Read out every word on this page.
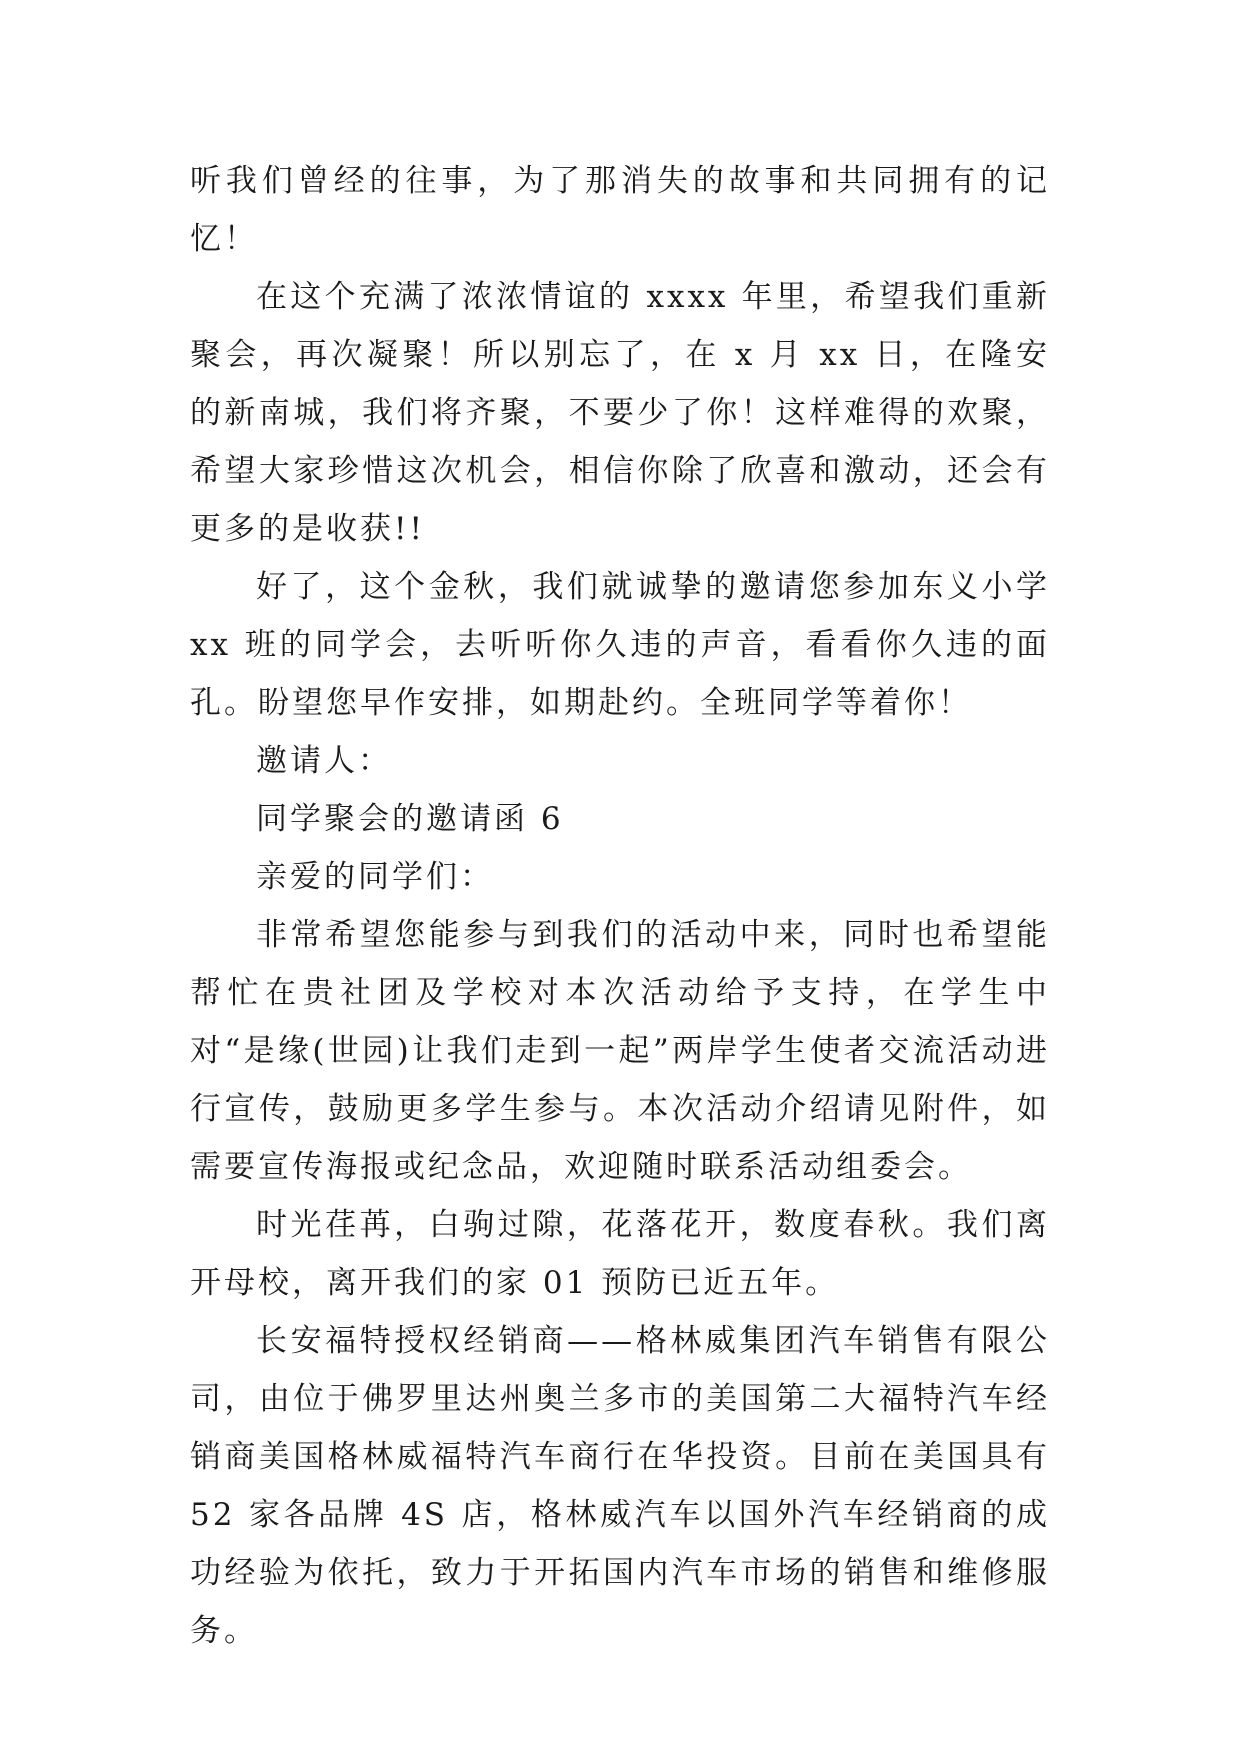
听我们曾经的往事，为了那消失的故事和共同拥有的记忆！

在这个充满了浓浓情谊的 xxxx 年里，希望我们重新聚会，再次凝聚！所以别忘了，在 x 月 xx 日，在隆安的新南城，我们将齐聚，不要少了你！这样难得的欢聚，希望大家珍惜这次机会，相信你除了欣喜和激动，还会有更多的是收获!!

好了，这个金秋，我们就诚挚的邀请您参加东义小学 xx 班的同学会，去听听你久违的声音，看看你久违的面孔。盼望您早作安排，如期赴约。全班同学等着你！

邀请人：

同学聚会的邀请函 6

亲爱的同学们：

非常希望您能参与到我们的活动中来，同时也希望能帮忙在贵社团及学校对本次活动给予支持，在学生中对“是缘(世园)让我们走到一起”两岸学生使者交流活动进行宣传，鼓励更多学生参与。本次活动介绍请见附件，如需要宣传海报或纪念品，欢迎随时联系活动组委会。

时光荏苒，白驹过隙，花落花开，数度春秋。我们离开母校，离开我们的家 01 预防已近五年。

长安福特授权经销商——格林威集团汽车销售有限公司，由位于佛罗里达州奥兰多市的美国第二大福特汽车经销商美国格林威福特汽车商行在华投资。目前在美国具有 52 家各品牌 4S 店，格林威汽车以国外汽车经销商的成功经验为依托，致力于开拓国内汽车市场的销售和维修服务。
